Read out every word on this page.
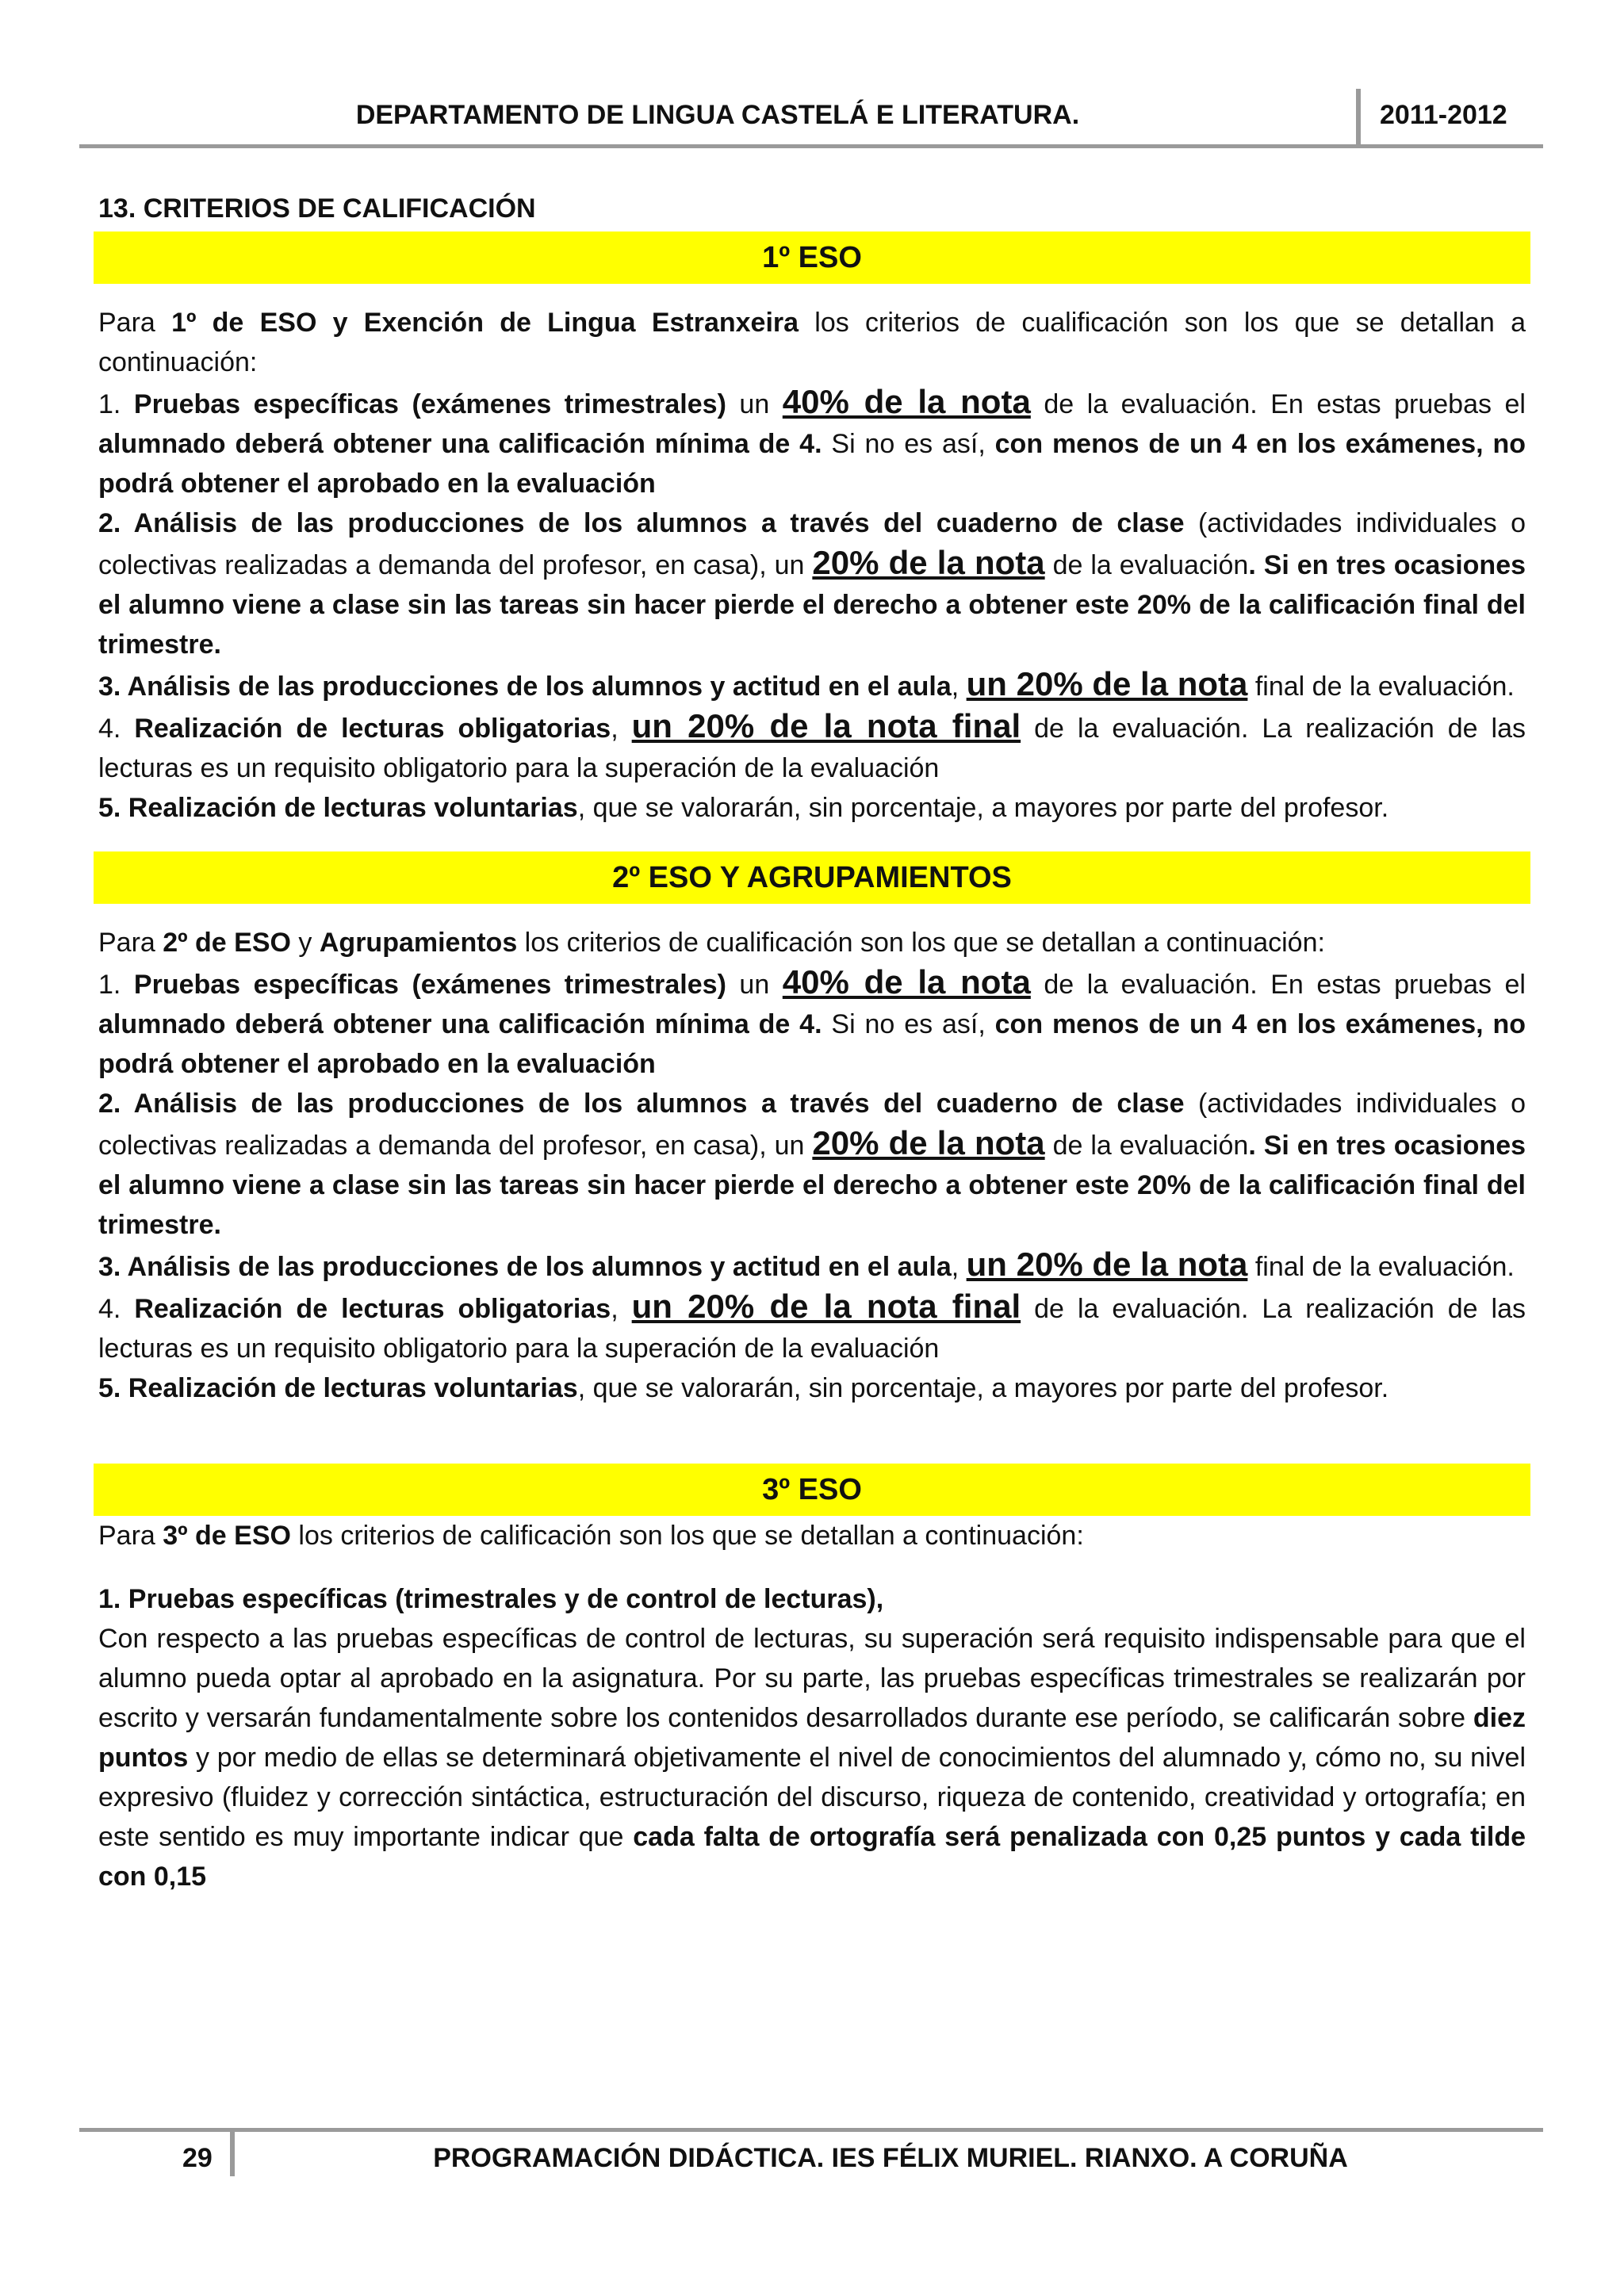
DEPARTAMENTO DE LINGUA CASTELÁ E LITERATURA.	2011-2012
13. CRITERIOS DE CALIFICACIÓN
1º ESO

Para 1º de ESO y Exención de Lingua Estranxeira los criterios de cualificación son los que se detallan a continuación:

1. Pruebas específicas (exámenes trimestrales) un 40% de la nota de la evaluación. En estas pruebas el alumnado deberá obtener una calificación mínima de 4. Si no es así, con menos de un 4 en los exámenes, no podrá obtener el aprobado en la evaluación

2. Análisis de las producciones de los alumnos a través del cuaderno de clase (actividades individuales o colectivas realizadas a demanda del profesor, en casa), un 20% de la nota de la evaluación. Si en tres ocasiones el alumno viene a clase sin las tareas sin hacer pierde el derecho a obtener este 20% de la calificación final del trimestre.

3. Análisis de las producciones de los alumnos y actitud en el aula, un 20% de la nota final de la evaluación.

4. Realización de lecturas obligatorias, un 20% de la nota final de la evaluación. La realización de las lecturas es un requisito obligatorio para la superación de la evaluación

5. Realización de lecturas voluntarias, que se valorarán, sin porcentaje, a mayores por parte del profesor.

2º ESO Y AGRUPAMIENTOS

Para 2º de ESO y Agrupamientos los criterios de cualificación son los que se detallan a continuación:

1. Pruebas específicas (exámenes trimestrales) un 40% de la nota de la evaluación. En estas pruebas el alumnado deberá obtener una calificación mínima de 4. Si no es así, con menos de un 4 en los exámenes, no podrá obtener el aprobado en la evaluación

2. Análisis de las producciones de los alumnos a través del cuaderno de clase (actividades individuales o colectivas realizadas a demanda del profesor, en casa), un 20% de la nota de la evaluación. Si en tres ocasiones el alumno viene a clase sin las tareas sin hacer pierde el derecho a obtener este 20% de la calificación final del trimestre.

3. Análisis de las producciones de los alumnos y actitud en el aula, un 20% de la nota final de la evaluación.

4. Realización de lecturas obligatorias, un 20% de la nota final de la evaluación. La realización de las lecturas es un requisito obligatorio para la superación de la evaluación

5. Realización de lecturas voluntarias, que se valorarán, sin porcentaje, a mayores por parte del profesor.

3º ESO

Para 3º de ESO los criterios de calificación son los que se detallan a continuación:

1. Pruebas específicas (trimestrales y de control de lecturas),

Con respecto a las pruebas específicas de control de lecturas, su superación será requisito indispensable para que el alumno pueda optar al aprobado en la asignatura. Por su parte, las pruebas específicas trimestrales se realizarán por escrito y versarán fundamentalmente sobre los contenidos desarrollados durante ese período, se calificarán sobre diez puntos y por medio de ellas se determinará objetivamente el nivel de conocimientos del alumnado y, cómo no, su nivel expresivo (fluidez y corrección sintáctica, estructuración del discurso, riqueza de contenido, creatividad y ortografía; en este sentido es muy importante indicar que cada falta de ortografía será penalizada con 0,25 puntos y cada tilde con 0,15

29	PROGRAMACIÓN DIDÁCTICA. IES FÉLIX MURIEL. RIANXO. A CORUÑA
